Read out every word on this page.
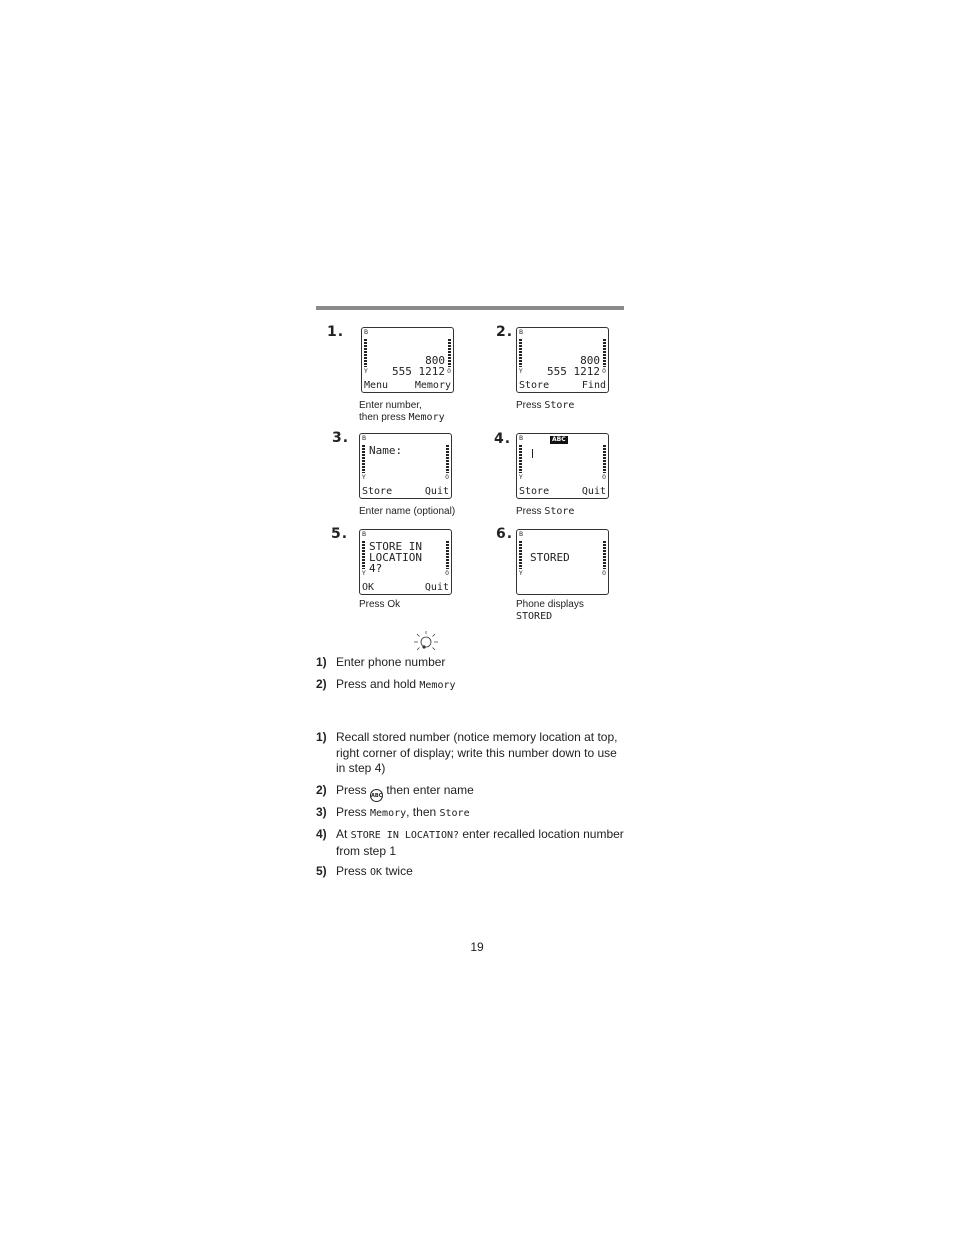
1.	B
Y	0
800
555 1212
Menu	Memory
Enter number,
then press Memory
2. B
Y	0
800
555 1212
Store	Find
Press Store
3. B
Y	0
Name:
Store	Quit
Enter name (optional)
4. B	ABC
Y	0
Store	Quit
Press Store
5. B
Y	0
STORE IN
LOCATION
4?
OK	Quit
Press Ok
6. B
Y	0
STORED
Phone displays
STORED
1) Enter phone number
2) Press and hold Memory
1) Recall stored number (notice memory location at top, right corner of display; write this number down to use in step 4)
2) Press ABC then enter name
3) Press Memory, then Store
4) At STORE IN LOCATION? enter recalled location number from step 1
5) Press OK twice
19
